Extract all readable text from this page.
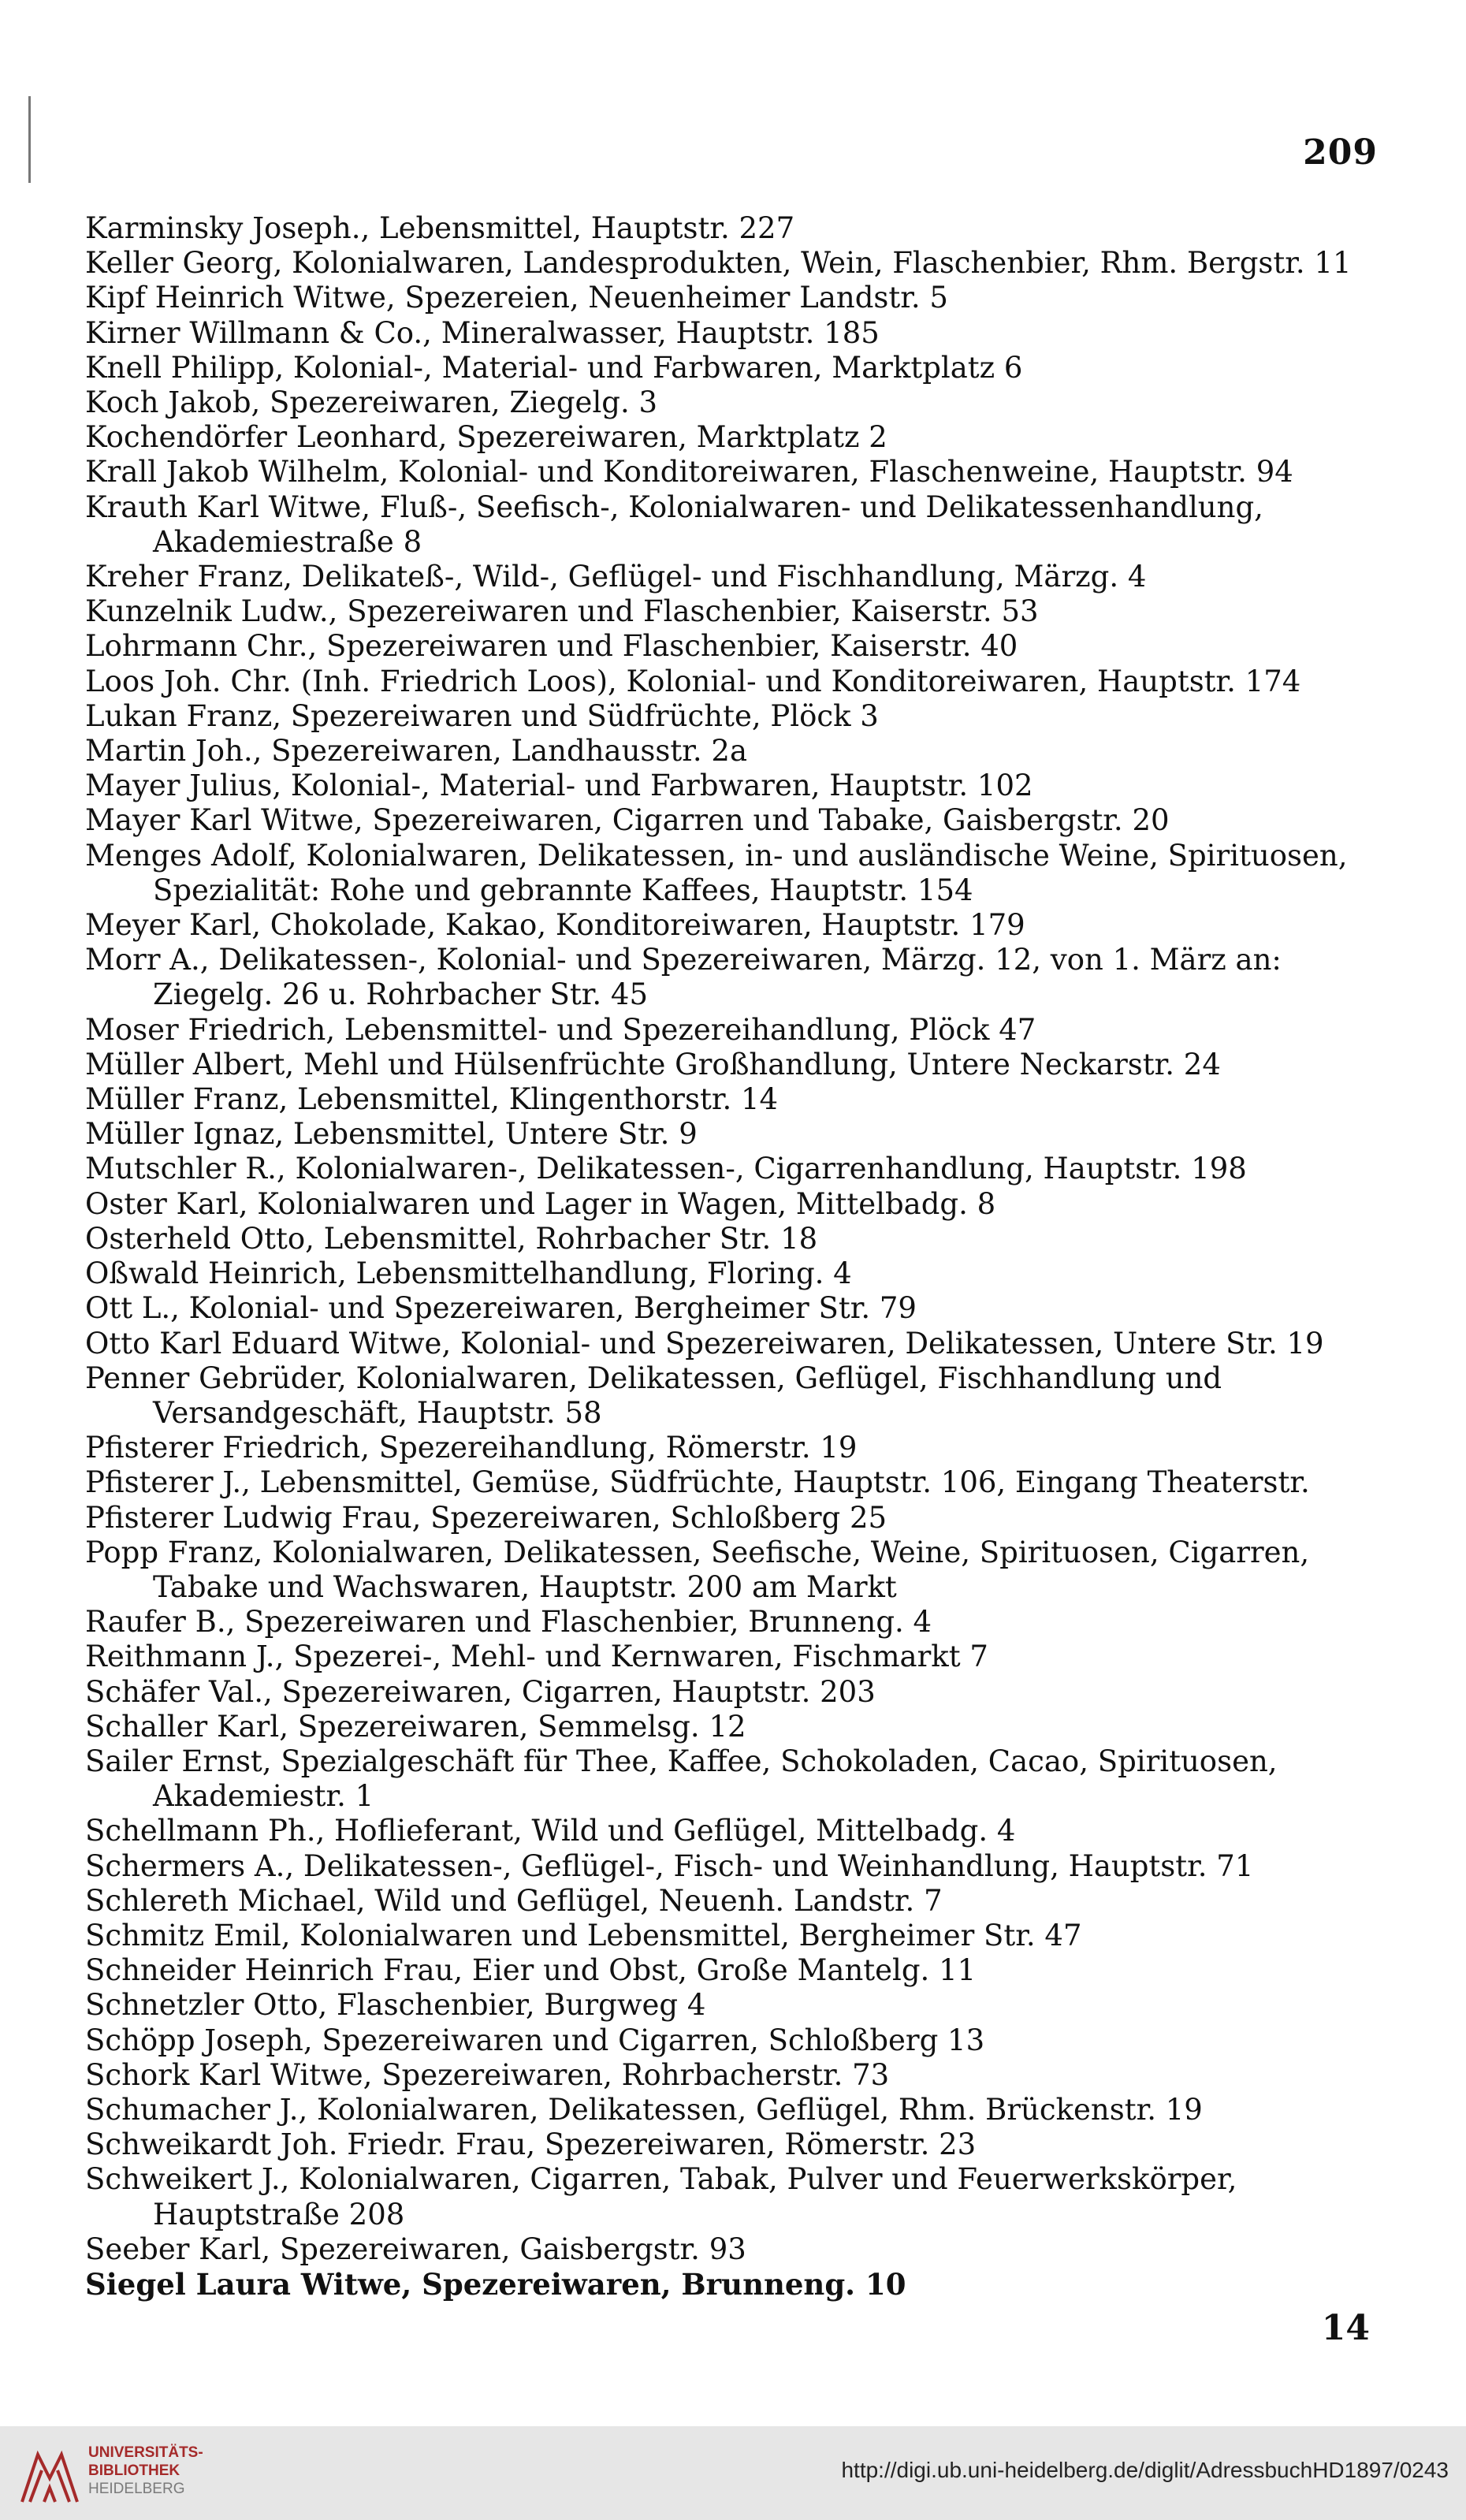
209

Karminsky Joseph., Lebensmittel, Hauptstr. 227

Keller Georg, Kolonialwaren, Landesprodukten, Wein, Flaschenbier, Rhm. Bergstr. 11

Kipf Heinrich Witwe, Spezereien, Neuenheimer Landstr. 5

Kirner Willmann & Co., Mineralwasser, Hauptstr. 185

Knell Philipp, Kolonial-, Material- und Farbwaren, Marktplatz 6

Koch Jakob, Spezereiwaren, Ziegelg. 3

Kochendörfer Leonhard, Spezereiwaren, Marktplatz 2

Krall Jakob Wilhelm, Kolonial- und Konditoreiwaren, Flaschenweine, Hauptstr. 94

Krauth Karl Witwe, Fluß-, Seefisch-, Kolonialwaren- und Delikatessenhandlung, Akademiestraße 8

Kreher Franz, Delikateß-, Wild-, Geflügel- und Fischhandlung, Märzg. 4

Kunzelnik Ludw., Spezereiwaren und Flaschenbier, Kaiserstr. 53

Lohrmann Chr., Spezereiwaren und Flaschenbier, Kaiserstr. 40

Loos Joh. Chr. (Inh. Friedrich Loos), Kolonial- und Konditoreiwaren, Hauptstr. 174

Lukan Franz, Spezereiwaren und Südfrüchte, Plöck 3

Martin Joh., Spezereiwaren, Landhausstr. 2a

Mayer Julius, Kolonial-, Material- und Farbwaren, Hauptstr. 102

Mayer Karl Witwe, Spezereiwaren, Cigarren und Tabake, Gaisbergstr. 20

Menges Adolf, Kolonialwaren, Delikatessen, in- und ausländische Weine, Spirituosen, Spezialität: Rohe und gebrannte Kaffees, Hauptstr. 154

Meyer Karl, Chokolade, Kakao, Konditoreiwaren, Hauptstr. 179

Morr A., Delikatessen-, Kolonial- und Spezereiwaren, Märzg. 12, von 1. März an: Ziegelg. 26 u. Rohrbacher Str. 45

Moser Friedrich, Lebensmittel- und Spezereihandlung, Plöck 47

Müller Albert, Mehl und Hülsenfrüchte Großhandlung, Untere Neckarstr. 24

Müller Franz, Lebensmittel, Klingenthorstr. 14

Müller Ignaz, Lebensmittel, Untere Str. 9

Mutschler R., Kolonialwaren-, Delikatessen-, Cigarrenhandlung, Hauptstr. 198

Oster Karl, Kolonialwaren und Lager in Wagen, Mittelbadg. 8

Osterheld Otto, Lebensmittel, Rohrbacher Str. 18

Oßwald Heinrich, Lebensmittelhandlung, Floring. 4

Ott L., Kolonial- und Spezereiwaren, Bergheimer Str. 79

Otto Karl Eduard Witwe, Kolonial- und Spezereiwaren, Delikatessen, Untere Str. 19

Penner Gebrüder, Kolonialwaren, Delikatessen, Geflügel, Fischhandlung und Versandgeschäft, Hauptstr. 58

Pfisterer Friedrich, Spezereihandlung, Römerstr. 19

Pfisterer J., Lebensmittel, Gemüse, Südfrüchte, Hauptstr. 106, Eingang Theaterstr.

Pfisterer Ludwig Frau, Spezereiwaren, Schloßberg 25

Popp Franz, Kolonialwaren, Delikatessen, Seefische, Weine, Spirituosen, Cigarren, Tabake und Wachswaren, Hauptstr. 200 am Markt

Raufer B., Spezereiwaren und Flaschenbier, Brunneng. 4

Reithmann J., Spezerei-, Mehl- und Kernwaren, Fischmarkt 7

Schäfer Val., Spezereiwaren, Cigarren, Hauptstr. 203

Schaller Karl, Spezereiwaren, Semmelsg. 12

Sailer Ernst, Spezialgeschäft für Thee, Kaffee, Schokoladen, Cacao, Spirituosen, Akademiestr. 1

Schellmann Ph., Hoflieferant, Wild und Geflügel, Mittelbadg. 4

Schermers A., Delikatessen-, Geflügel-, Fisch- und Weinhandlung, Hauptstr. 71

Schlereth Michael, Wild und Geflügel, Neuenh. Landstr. 7

Schmitz Emil, Kolonialwaren und Lebensmittel, Bergheimer Str. 47

Schneider Heinrich Frau, Eier und Obst, Große Mantelg. 11

Schnetzler Otto, Flaschenbier, Burgweg 4

Schöpp Joseph, Spezereiwaren und Cigarren, Schloßberg 13

Schork Karl Witwe, Spezereiwaren, Rohrbacherstr. 73

Schumacher J., Kolonialwaren, Delikatessen, Geflügel, Rhm. Brückenstr. 19

Schweikardt Joh. Friedr. Frau, Spezereiwaren, Römerstr. 23

Schweikert J., Kolonialwaren, Cigarren, Tabak, Pulver und Feuerwerkskörper, Hauptstraße 208

Seeber Karl, Spezereiwaren, Gaisbergstr. 93

Siegel Laura Witwe, Spezereiwaren, Brunneng. 10

14
UNIVERSITÄTS-
BIBLIOTHEK
HEIDELBERG
http://digi.ub.uni-heidelberg.de/diglit/AdressbuchHD1897/0243
